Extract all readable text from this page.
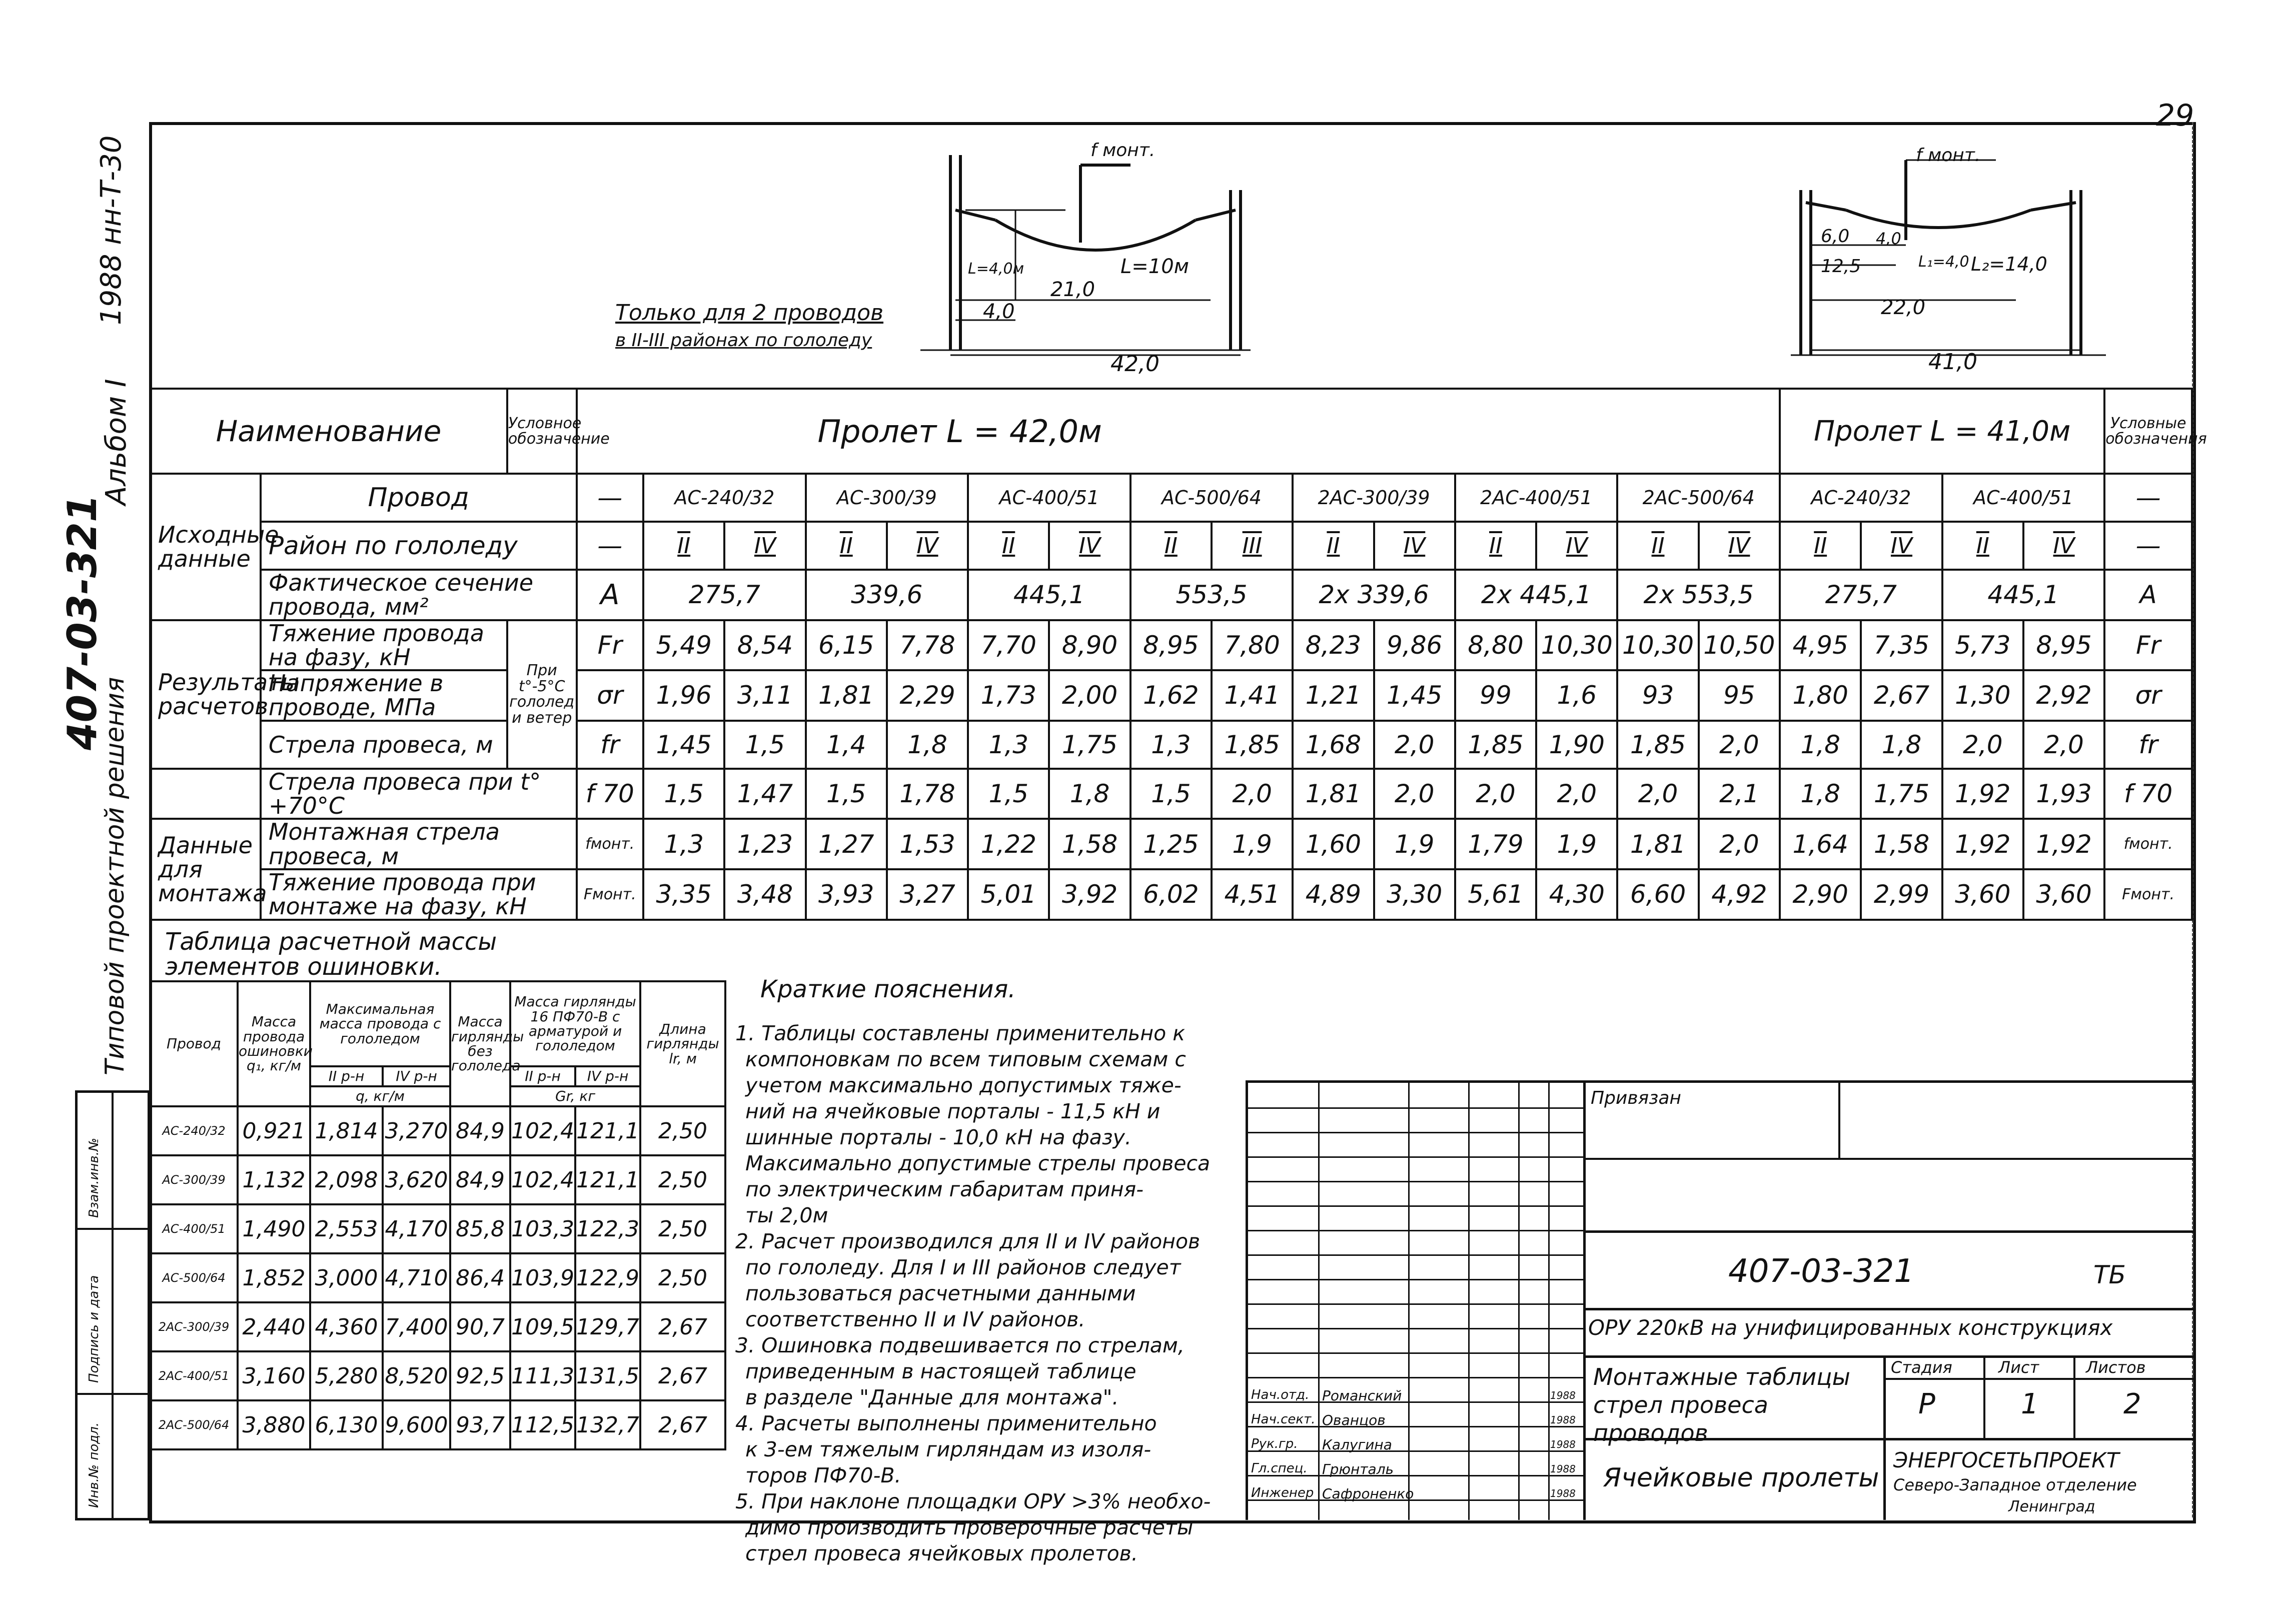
29
1988 нн-Т-30
Альбом I
407-03-321
Типовой проектной решения
Взам.инв.№
Подпись и дата
Инв.№ подл.
f монт.
L=4,0м	L=10м
21,0
4,0
42,0
Только для 2 проводов
в II-III районах по гололеду
f монт.
6,0 4,0
12,5	L₁=4,0 L₂=14,0
22,0
41,0
Наименование		Условное обозначение	Пролет L = 42,0м															Пролет L = 41,0м				Условные обозначения
Исходные данные	Провод		—	АС-240/32		АС-300/39		АС-400/51		АС-500/64		2АС-300/39		2АС-400/51		2АС-500/64		АС-240/32		АС-400/51		—
	Район по гололеду		—	II	IV	II	IV	II	IV	II	III	II	IV	II	IV	II	IV	II	IV	II	IV	—
	Фактическое сечение провода, мм²		A	275,7		339,6		445,1		553,5		2х 339,6		2х 445,1		2х 553,5		275,7		445,1		A
Результаты расчетов	Тяжение провода на фазу, кН	При t°-5°С гололед и ветер	Fr	5,49	8,54	6,15	7,78	7,70	8,90	8,95	7,80	8,23	9,86	8,80	10,30	10,30	10,50	4,95	7,35	5,73	8,95	Fr
	Напряжение в проводе, МПа		σr	1,96	3,11	1,81	2,29	1,73	2,00	1,62	1,41	1,21	1,45	99	1,6	93	95	1,80	2,67	1,30	2,92	σr
	Стрела провеса, м		fr	1,45	1,5	1,4	1,8	1,3	1,75	1,3	1,85	1,68	2,0	1,85	1,90	1,85	2,0	1,8	1,8	2,0	2,0	fr
	Стрела провеса при t°+70°С		f 70	1,5	1,47	1,5	1,78	1,5	1,8	1,5	2,0	1,81	2,0	2,0	2,0	2,0	2,1	1,8	1,75	1,92	1,93	f 70
Данные для монтажа	Монтажная стрела провеса, м		fмонт.	1,3	1,23	1,27	1,53	1,22	1,58	1,25	1,9	1,60	1,9	1,79	1,9	1,81	2,0	1,64	1,58	1,92	1,92	fмонт.
	Тяжение провода при монтаже на фазу, кН		Fмонт.	3,35	3,48	3,93	3,27	5,01	3,92	6,02	4,51	4,89	3,30	5,61	4,30	6,60	4,92	2,90	2,99	3,60	3,60	Fмонт.
Таблица расчетной массы
элементов ошиновки.
Провод	Масса провода ошиновки q₁, кг/м	Максимальная масса провода с гололедом		Масса гирлянды без гололеда	Масса гирлянды 16 ПФ70-В с арматурой и гололедом		Длина гирлянды lr, м
		II р-н	IV р-н		II р-н	IV р-н	
		q, кг/м			Gr, кг		
АС-240/32	0,921	1,814	3,270	84,9	102,4	121,1	2,50
АС-300/39	1,132	2,098	3,620	84,9	102,4	121,1	2,50
АС-400/51	1,490	2,553	4,170	85,8	103,3	122,3	2,50
АС-500/64	1,852	3,000	4,710	86,4	103,9	122,9	2,50
2АС-300/39	2,440	4,360	7,400	90,7	109,5	129,7	2,67
2АС-400/51	3,160	5,280	8,520	92,5	111,3	131,5	2,67
2АС-500/64	3,880	6,130	9,600	93,7	112,5	132,7	2,67
Краткие пояснения.
1. Таблицы составлены применительно к
компоновкам по всем типовым схемам с
учетом максимально допустимых тяже-
ний на ячейковые порталы - 11,5 кН и
шинные порталы - 10,0 кН на фазу.
Максимально допустимые стрелы провеса
по электрическим габаритам приня-
ты 2,0м
2. Расчет производился для II и IV районов
по гололеду. Для I и III районов следует
пользоваться расчетными данными
соответственно II и IV районов.
3. Ошиновка подвешивается по стрелам,
приведенным в настоящей таблице
в разделе "Данные для монтажа".
4. Расчеты выполнены применительно
к 3-ем тяжелым гирляндам из изоля-
торов ПФ70-В.
5. При наклоне площадки ОРУ >3% необхо-
димо производить проверочные расчеты
стрел провеса ячейковых пролетов.
Нач.отд. Романский	1988
Нач.сект. Ованцов	1988
Рук.гр. Калугина	1988
Гл.спец. Грюнталь	1988
Инженер Сафроненко	1988
Привязан
407-03-321	ТБ
ОРУ 220кВ на унифицированных конструкциях
Монтажные таблицы стрел провеса проводов
Стадия	Лист	Листов
Р	1	2
Ячейковые пролеты
ЭНЕРГОСЕТЬПРОЕКТ
Северо-Западное отделение
Ленинград
